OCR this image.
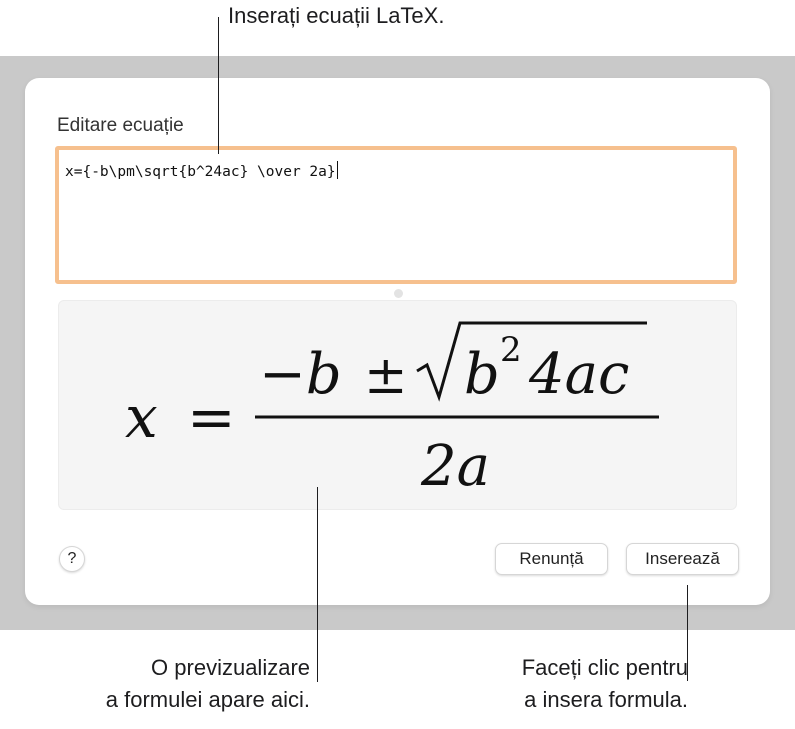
Editare ecuație
x={-b\pm\sqrt{b^24ac} \over 2a}
x =
−b ± b 2 4ac
2a
?	Renunță	Inserează
Inserați ecuații LaTeX.
O previzualizare
a formulei apare aici.
Faceți clic pentru
a insera formula.
